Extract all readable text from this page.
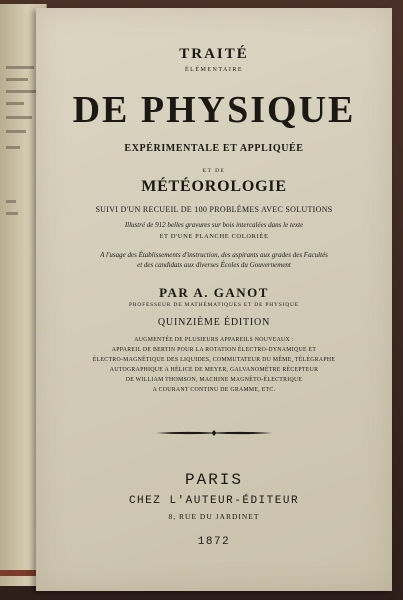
TRAITÉ
ÉLÉMENTAIRE
DE PHYSIQUE
EXPÉRIMENTALE ET APPLIQUÉE
ET DE
MÉTÉOROLOGIE
SUIVI D'UN RECUEIL DE 100 PROBLÈMES AVEC SOLUTIONS
Illustré de 912 belles gravures sur bois intercalées dans le texte
ET D'UNE PLANCHE COLORIÉE
A l'usage des Établissements d'instruction, des aspirants aux grades des Facultés
et des candidats aux diverses Écoles du Gouvernement
PAR A. GANOT
PROFESSEUR DE MATHÉMATIQUES ET DE PHYSIQUE
QUINZIÈME ÉDITION
AUGMENTÉE DE PLUSIEURS APPAREILS NOUVEAUX :
APPAREIL DE BERTIN POUR LA ROTATION ÉLECTRO-DYNAMIQUE ET
ÉLECTRO-MAGNÉTIQUE DES LIQUIDES, COMMUTATEUR DU MÊME, TÉLÉGRAPHE
AUTOGRAPHIQUE A HÉLICE DE MEYER, GALVANOMÈTRE RÉCEPTEUR
DE WILLIAM THOMSON, MACHINE MAGNÉTO-ÉLECTRIQUE
A COURANT CONTINU DE GRAMME, ETC.
PARIS
CHEZ L'AUTEUR-ÉDITEUR
8, RUE DU JARDINET
1872
